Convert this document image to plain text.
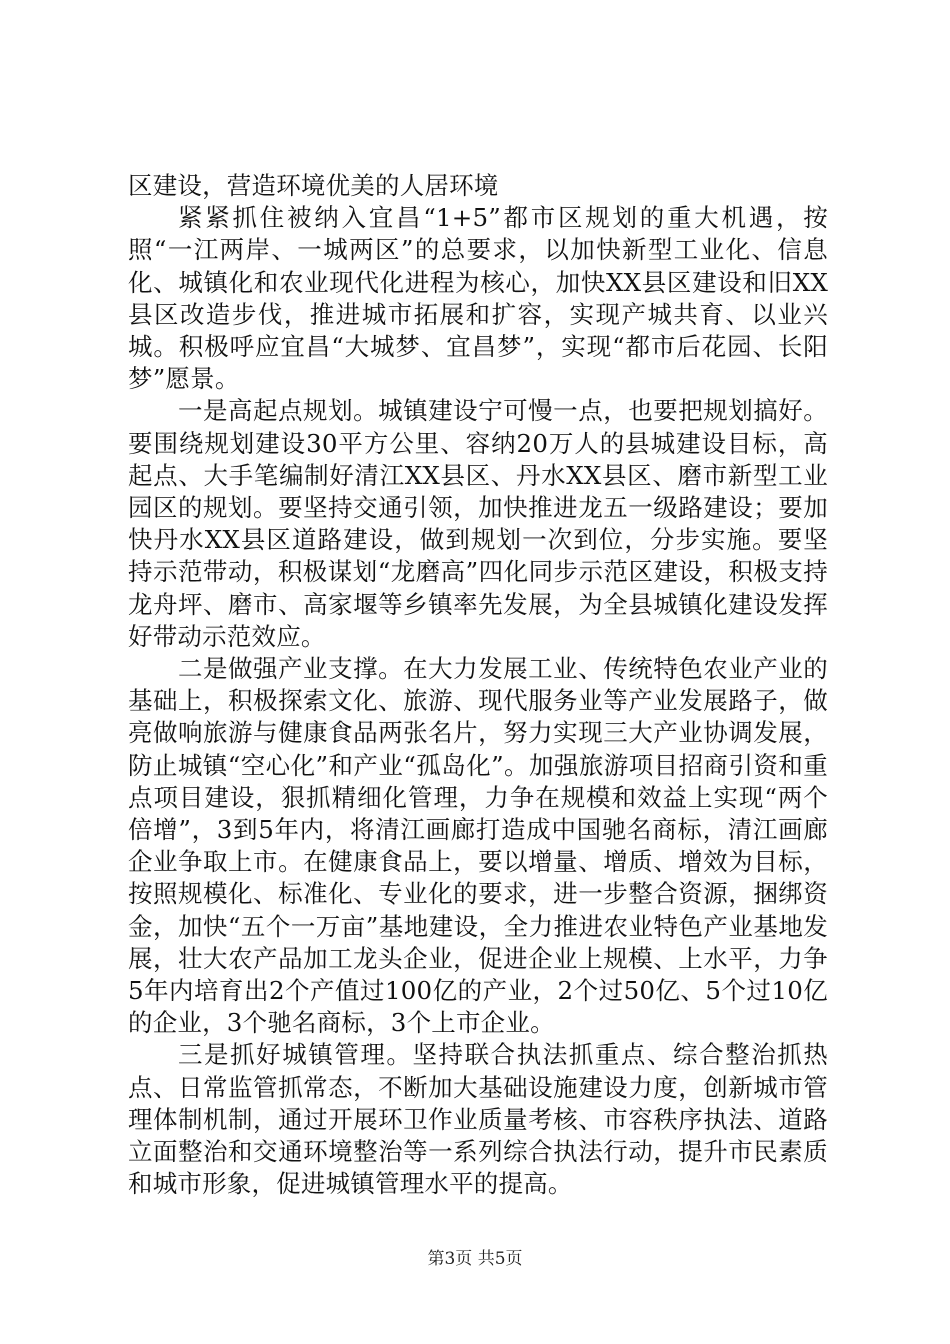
区建设，营造环境优美的人居环境

紧紧抓住被纳入宜昌“1+5”都市区规划的重大机遇，按照“一江两岸、一城两区”的总要求，以加快新型工业化、信息化、城镇化和农业现代化进程为核心，加快XX县区建设和旧XX县区改造步伐，推进城市拓展和扩容，实现产城共育、以业兴城。积极呼应宜昌“大城梦、宜昌梦”，实现“都市后花园、长阳梦”愿景。

一是高起点规划。城镇建设宁可慢一点，也要把规划搞好。要围绕规划建设30平方公里、容纳20万人的县城建设目标，高起点、大手笔编制好清江XX县区、丹水XX县区、磨市新型工业园区的规划。要坚持交通引领，加快推进龙五一级路建设；要加快丹水XX县区道路建设，做到规划一次到位，分步实施。要坚持示范带动，积极谋划“龙磨高”四化同步示范区建设，积极支持龙舟坪、磨市、高家堰等乡镇率先发展，为全县城镇化建设发挥好带动示范效应。

二是做强产业支撑。在大力发展工业、传统特色农业产业的基础上，积极探索文化、旅游、现代服务业等产业发展路子，做亮做响旅游与健康食品两张名片，努力实现三大产业协调发展，防止城镇“空心化”和产业“孤岛化”。加强旅游项目招商引资和重点项目建设，狠抓精细化管理，力争在规模和效益上实现“两个倍增”，3到5年内，将清江画廊打造成中国驰名商标，清江画廊企业争取上市。在健康食品上，要以增量、增质、增效为目标，按照规模化、标准化、专业化的要求，进一步整合资源，捆绑资金，加快“五个一万亩”基地建设，全力推进农业特色产业基地发展，壮大农产品加工龙头企业，促进企业上规模、上水平，力争5年内培育出2个产值过100亿的产业，2个过50亿、5个过10亿的企业，3个驰名商标，3个上市企业。

三是抓好城镇管理。坚持联合执法抓重点、综合整治抓热点、日常监管抓常态，不断加大基础设施建设力度，创新城市管理体制机制，通过开展环卫作业质量考核、市容秩序执法、道路立面整治和交通环境整治等一系列综合执法行动，提升市民素质和城市形象，促进城镇管理水平的提高。

第3页 共5页
